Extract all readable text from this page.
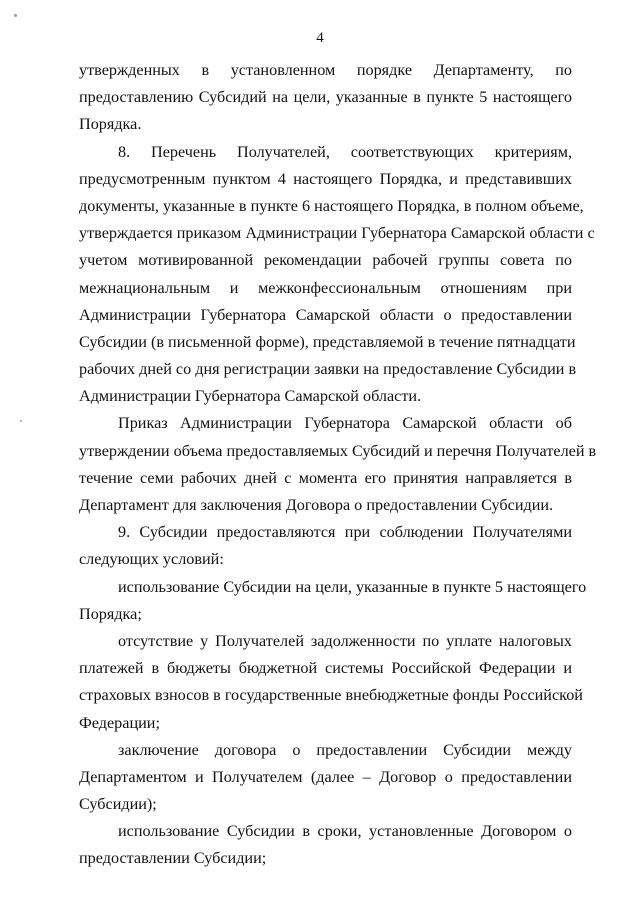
4
утвержденных в установленном порядке Департаменту, по
предоставлению Субсидий на цели, указанные в пункте 5 настоящего
Порядка.
8. Перечень Получателей, соответствующих критериям,
предусмотренным пунктом 4 настоящего Порядка, и представивших
документы, указанные в пункте 6 настоящего Порядка, в полном объеме,
утверждается приказом Администрации Губернатора Самарской области с
учетом мотивированной рекомендации рабочей группы совета по
межнациональным и межконфессиональным отношениям при
Администрации Губернатора Самарской области о предоставлении
Субсидии (в письменной форме), представляемой в течение пятнадцати
рабочих дней со дня регистрации заявки на предоставление Субсидии в
Администрации Губернатора Самарской области.
Приказ Администрации Губернатора Самарской области об
утверждении объема предоставляемых Субсидий и перечня Получателей в
течение семи рабочих дней с момента его принятия направляется в
Департамент для заключения Договора о предоставлении Субсидии.
9. Субсидии предоставляются при соблюдении Получателями
следующих условий:
использование Субсидии на цели, указанные в пункте 5 настоящего
Порядка;
отсутствие у Получателей задолженности по уплате налоговых
платежей в бюджеты бюджетной системы Российской Федерации и
страховых взносов в государственные внебюджетные фонды Российской
Федерации;
заключение договора о предоставлении Субсидии между
Департаментом и Получателем (далее – Договор о предоставлении
Субсидии);
использование Субсидии в сроки, установленные Договором о
предоставлении Субсидии;
